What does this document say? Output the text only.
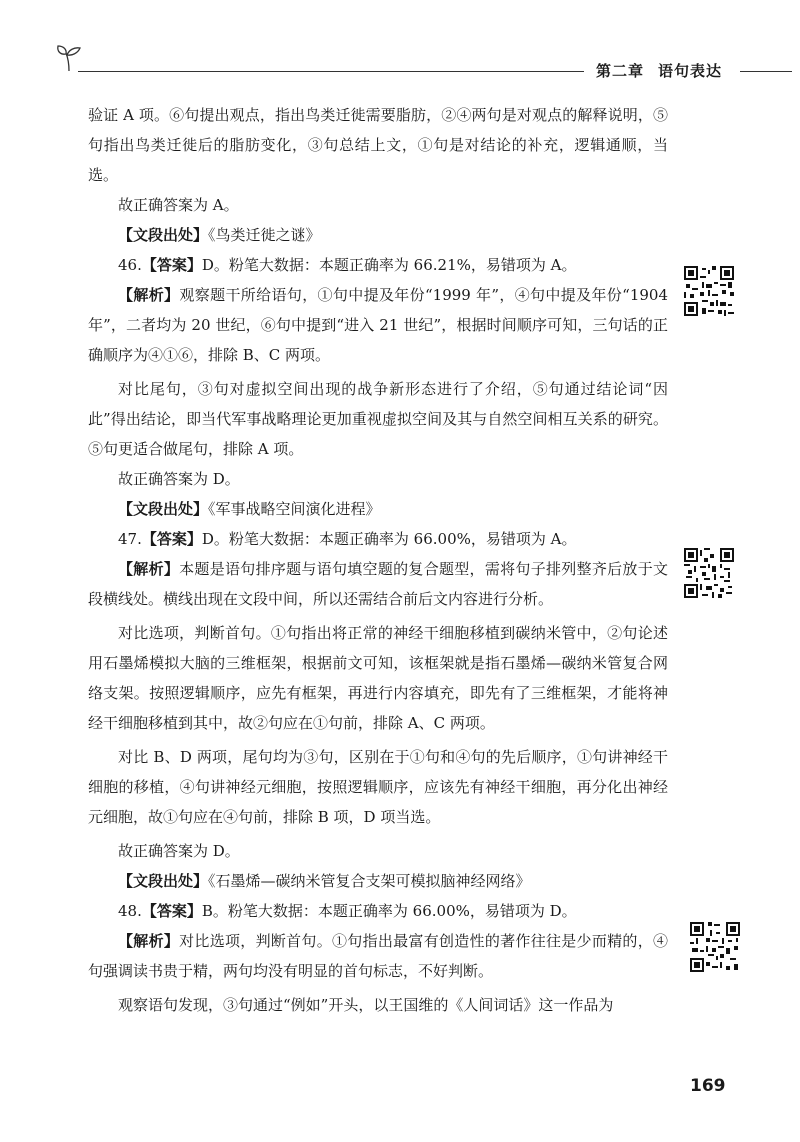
第二章 语句表达

验证 A 项。⑥句提出观点，指出鸟类迁徙需要脂肪，②④两句是对观点的解释说明，⑤句指出鸟类迁徙后的脂肪变化，③句总结上文，①句是对结论的补充，逻辑通顺，当选。

故正确答案为 A。

【文段出处】《鸟类迁徙之谜》

46.【答案】D。粉笔大数据：本题正确率为 66.21%，易错项为 A。

【解析】观察题干所给语句，①句中提及年份“1999 年”，④句中提及年份“1904 年”，二者均为 20 世纪，⑥句中提到“进入 21 世纪”，根据时间顺序可知，三句话的正确顺序为④①⑥，排除 B、C 两项。

对比尾句，③句对虚拟空间出现的战争新形态进行了介绍，⑤句通过结论词“因此”得出结论，即当代军事战略理论更加重视虚拟空间及其与自然空间相互关系的研究。⑤句更适合做尾句，排除 A 项。

故正确答案为 D。

【文段出处】《军事战略空间演化进程》

47.【答案】D。粉笔大数据：本题正确率为 66.00%，易错项为 A。

【解析】本题是语句排序题与语句填空题的复合题型，需将句子排列整齐后放于文段横线处。横线出现在文段中间，所以还需结合前后文内容进行分析。

对比选项，判断首句。①句指出将正常的神经干细胞移植到碳纳米管中，②句论述用石墨烯模拟大脑的三维框架，根据前文可知，该框架就是指石墨烯—碳纳米管复合网络支架。按照逻辑顺序，应先有框架，再进行内容填充，即先有了三维框架，才能将神经干细胞移植到其中，故②句应在①句前，排除 A、C 两项。

对比 B、D 两项，尾句均为③句，区别在于①句和④句的先后顺序，①句讲神经干细胞的移植，④句讲神经元细胞，按照逻辑顺序，应该先有神经干细胞，再分化出神经元细胞，故①句应在④句前，排除 B 项，D 项当选。

故正确答案为 D。

【文段出处】《石墨烯—碳纳米管复合支架可模拟脑神经网络》

48.【答案】B。粉笔大数据：本题正确率为 66.00%，易错项为 D。

【解析】对比选项，判断首句。①句指出最富有创造性的著作往往是少而精的，④句强调读书贵于精，两句均没有明显的首句标志，不好判断。

观察语句发现，③句通过“例如”开头，以王国维的《人间词话》这一作品为

169
